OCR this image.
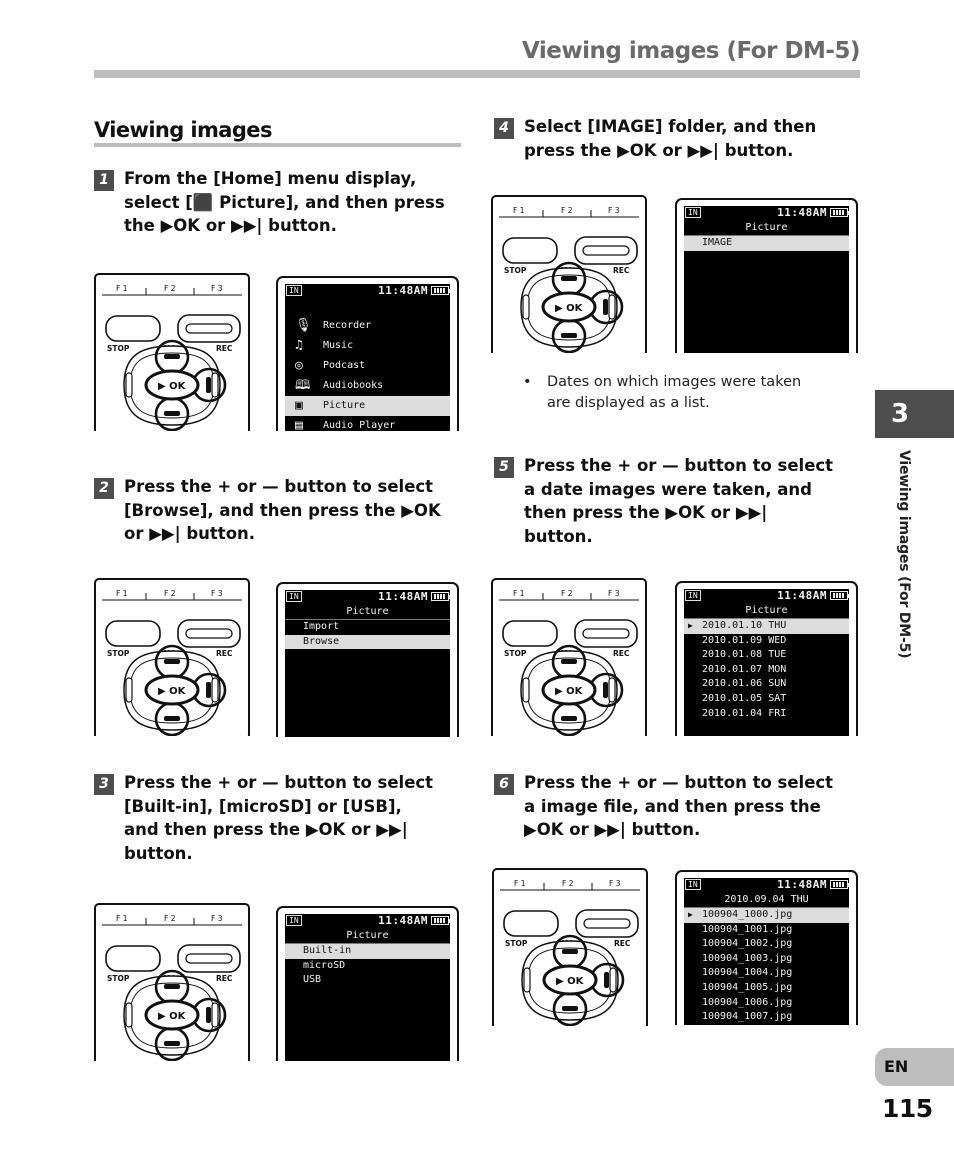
Viewing images (For DM-5)
Viewing images
1 From the [Home] menu display,
select [⬛ Picture], and then press
the ▶OK or ▶▶| button.
2 Press the + or — button to select
[Browse], and then press the ▶OK
or ▶▶| button.
3 Press the + or — button to select
[Built-in], [microSD] or [USB],
and then press the ▶OK or ▶▶|
button.
4 Select [IMAGE] folder, and then
press the ▶OK or ▶▶| button.
5 Press the + or — button to select
a date images were taken, and
then press the ▶OK or ▶▶|
button.
6 Press the + or — button to select
a image file, and then press the
▶OK or ▶▶| button.
•	Dates on which images were taken
are displayed as a list.
F 1	F 2	F 3
STOP	REC
▶ OK
F 1	F 2	F 3
STOP	REC
▶ OK
F 1	F 2	F 3
STOP	REC
▶ OK
F 1	F 2	F 3
STOP	REC
▶ OK
F 1	F 2	F 3
STOP	REC
▶ OK
F 1	F 2	F 3
STOP	REC
▶ OK
IN	11:48AM
🎙 Recorder
♫ Music
◎ Podcast
🕮 Audiobooks
▣ Picture
▤ Audio Player
IN	11:48AM
Picture
Import
Browse
IN	11:48AM
Picture
Built-in
microSD
USB
IN	11:48AM
Picture
IMAGE
IN	11:48AM
Picture
▶ 2010.01.10 THU
2010.01.09 WED
2010.01.08 TUE
2010.01.07 MON
2010.01.06 SUN
2010.01.05 SAT
2010.01.04 FRI
IN	11:48AM
2010.09.04 THU
▶ 100904_1000.jpg
100904_1001.jpg
100904_1002.jpg
100904_1003.jpg
100904_1004.jpg
100904_1005.jpg
100904_1006.jpg
100904_1007.jpg
3
Viewing images (For DM-5)
EN
115
